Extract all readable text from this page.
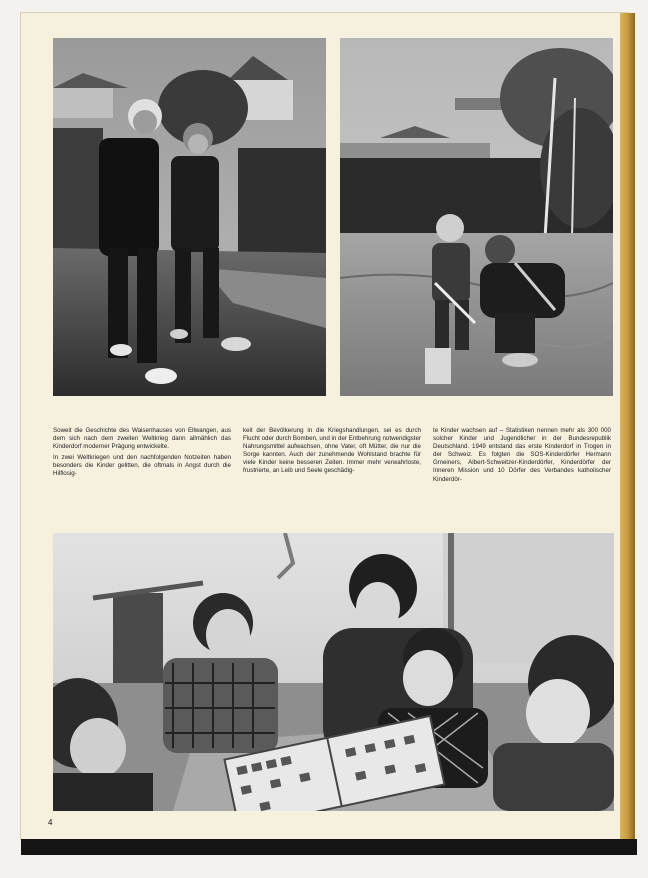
Soweit die Geschichte des Waisenhauses von Ellwangen, aus dem sich nach dem zweiten Weltkrieg dann allmählich das Kinderdorf moderner Prägung entwickelte.

In zwei Weltkriegen und den nachfolgenden Notzeiten haben besonders die Kinder gelitten, die oftmals in Angst durch die Hilflosig-

keit der Bevölkerung in die Kriegshandlungen, sei es durch Flucht oder durch Bomben, und in der Entbehrung notwendigster Nahrungsmittel aufwachsen, ohne Vater, oft Mütter, die nur die Sorge kannten. Auch der zunehmende Wohlstand brachte für viele Kinder keine besseren Zeiten. Immer mehr verwahrloste, frustrierte, an Leib und Seele geschädig-

te Kinder wachsen auf – Statistiken nennen mehr als 300 000 solcher Kinder und Jugendlicher in der Bundesrepublik Deutschland. 1949 entstand das erste Kinderdorf in Trogen in der Schweiz. Es folgten die SOS-Kinderdörfer Hermann Gmeiners, Albert-Schweitzer-Kinderdörfer, Kinderdörfer der Inneren Mission und 10 Dörfer des Verbandes katholischer Kinderdör-

4
